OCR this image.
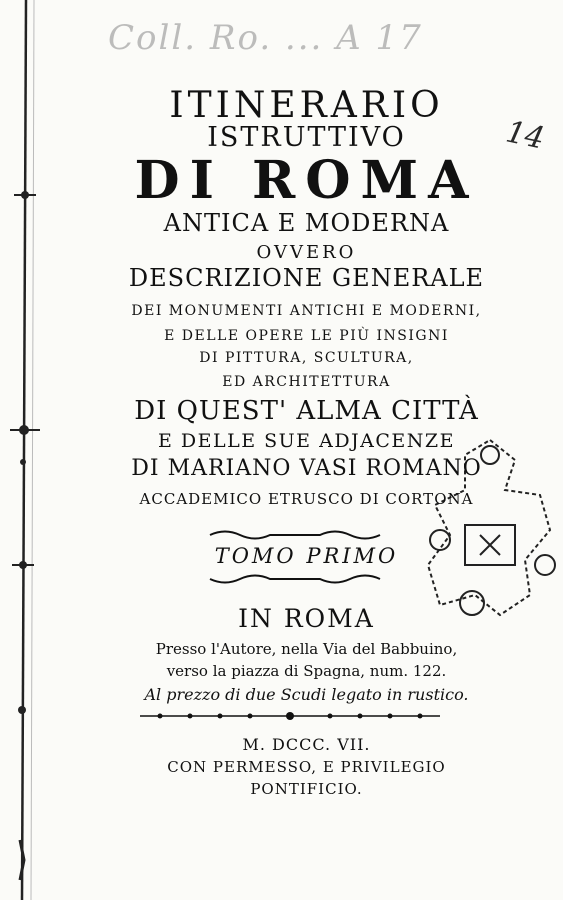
Coll. Ro. ... A 17
14
ITINERARIO
ISTRUTTIVO
DI ROMA
ANTICA E MODERNA
OVVERO
DESCRIZIONE GENERALE
DEI MONUMENTI ANTICHI E MODERNI,
E DELLE OPERE LE PIÙ INSIGNI
DI PITTURA, SCULTURA,
ED ARCHITETTURA
DI QUEST' ALMA CITTÀ
E DELLE SUE ADJACENZE
DI MARIANO VASI ROMANO
ACCADEMICO ETRUSCO DI CORTONA
TOMO PRIMO
IN ROMA
Presso l'Autore, nella Via del Babbuino,
verso la piazza di Spagna, num. 122.
Al prezzo di due Scudi legato in rustico.
M. DCCC. VII.
CON PERMESSO, E PRIVILEGIO
PONTIFICIO.
